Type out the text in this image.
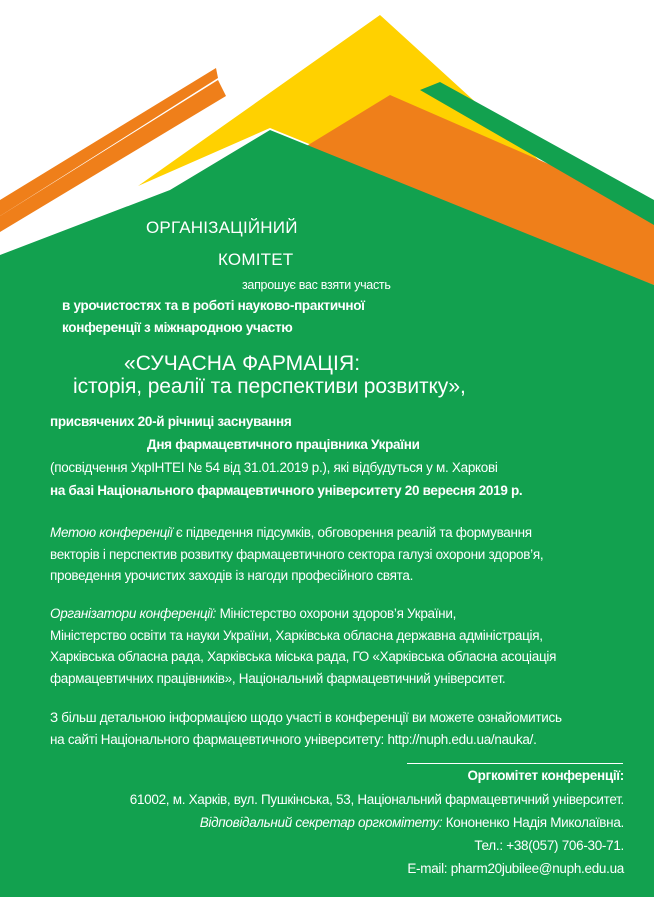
ОРГАНІЗАЦІЙНИЙ

КОМІТЕТ

запрошує вас взяти участь

в урочистостях та в роботі науково-практичної

конференції з міжнародною участю

«СУЧАСНА ФАРМАЦІЯ:

історія, реалії та перспективи розвитку»,

присвячених 20-й річниці заснування

Дня фармацевтичного працівника України

(посвідчення УкрІНТЕІ № 54 від 31.01.2019 р.), які відбудуться у м. Харкові

на базі Національного фармацевтичного університету 20 вересня 2019 р.

Метою конференції є підведення підсумків, обговорення реалій та формування
векторів і перспектив розвитку фармацевтичного сектора галузі охорони здоров’я,
проведення урочистих заходів із нагоди професійного свята.
Організатори конференції: Міністерство охорони здоров’я України,
Міністерство освіти та науки України, Харківська обласна державна адміністрація,
Харківська обласна рада, Харківська міська рада, ГО «Харківська обласна асоціація
фармацевтичних працівників», Національний фармацевтичний університет.
З більш детальною інформацією щодо участі в конференції ви можете ознайомитись
на сайті Національного фармацевтичного університету: http://nuph.edu.ua/nauka/.

Оргкомітет конференції:

61002, м. Харків, вул. Пушкінська, 53, Національний фармацевтичний університет.

Відповідальний секретар оргкомітету: Кононенко Надія Миколаївна.

Тел.: +38(057) 706-30-71.

E-mail: pharm20jubilee@nuph.edu.ua
